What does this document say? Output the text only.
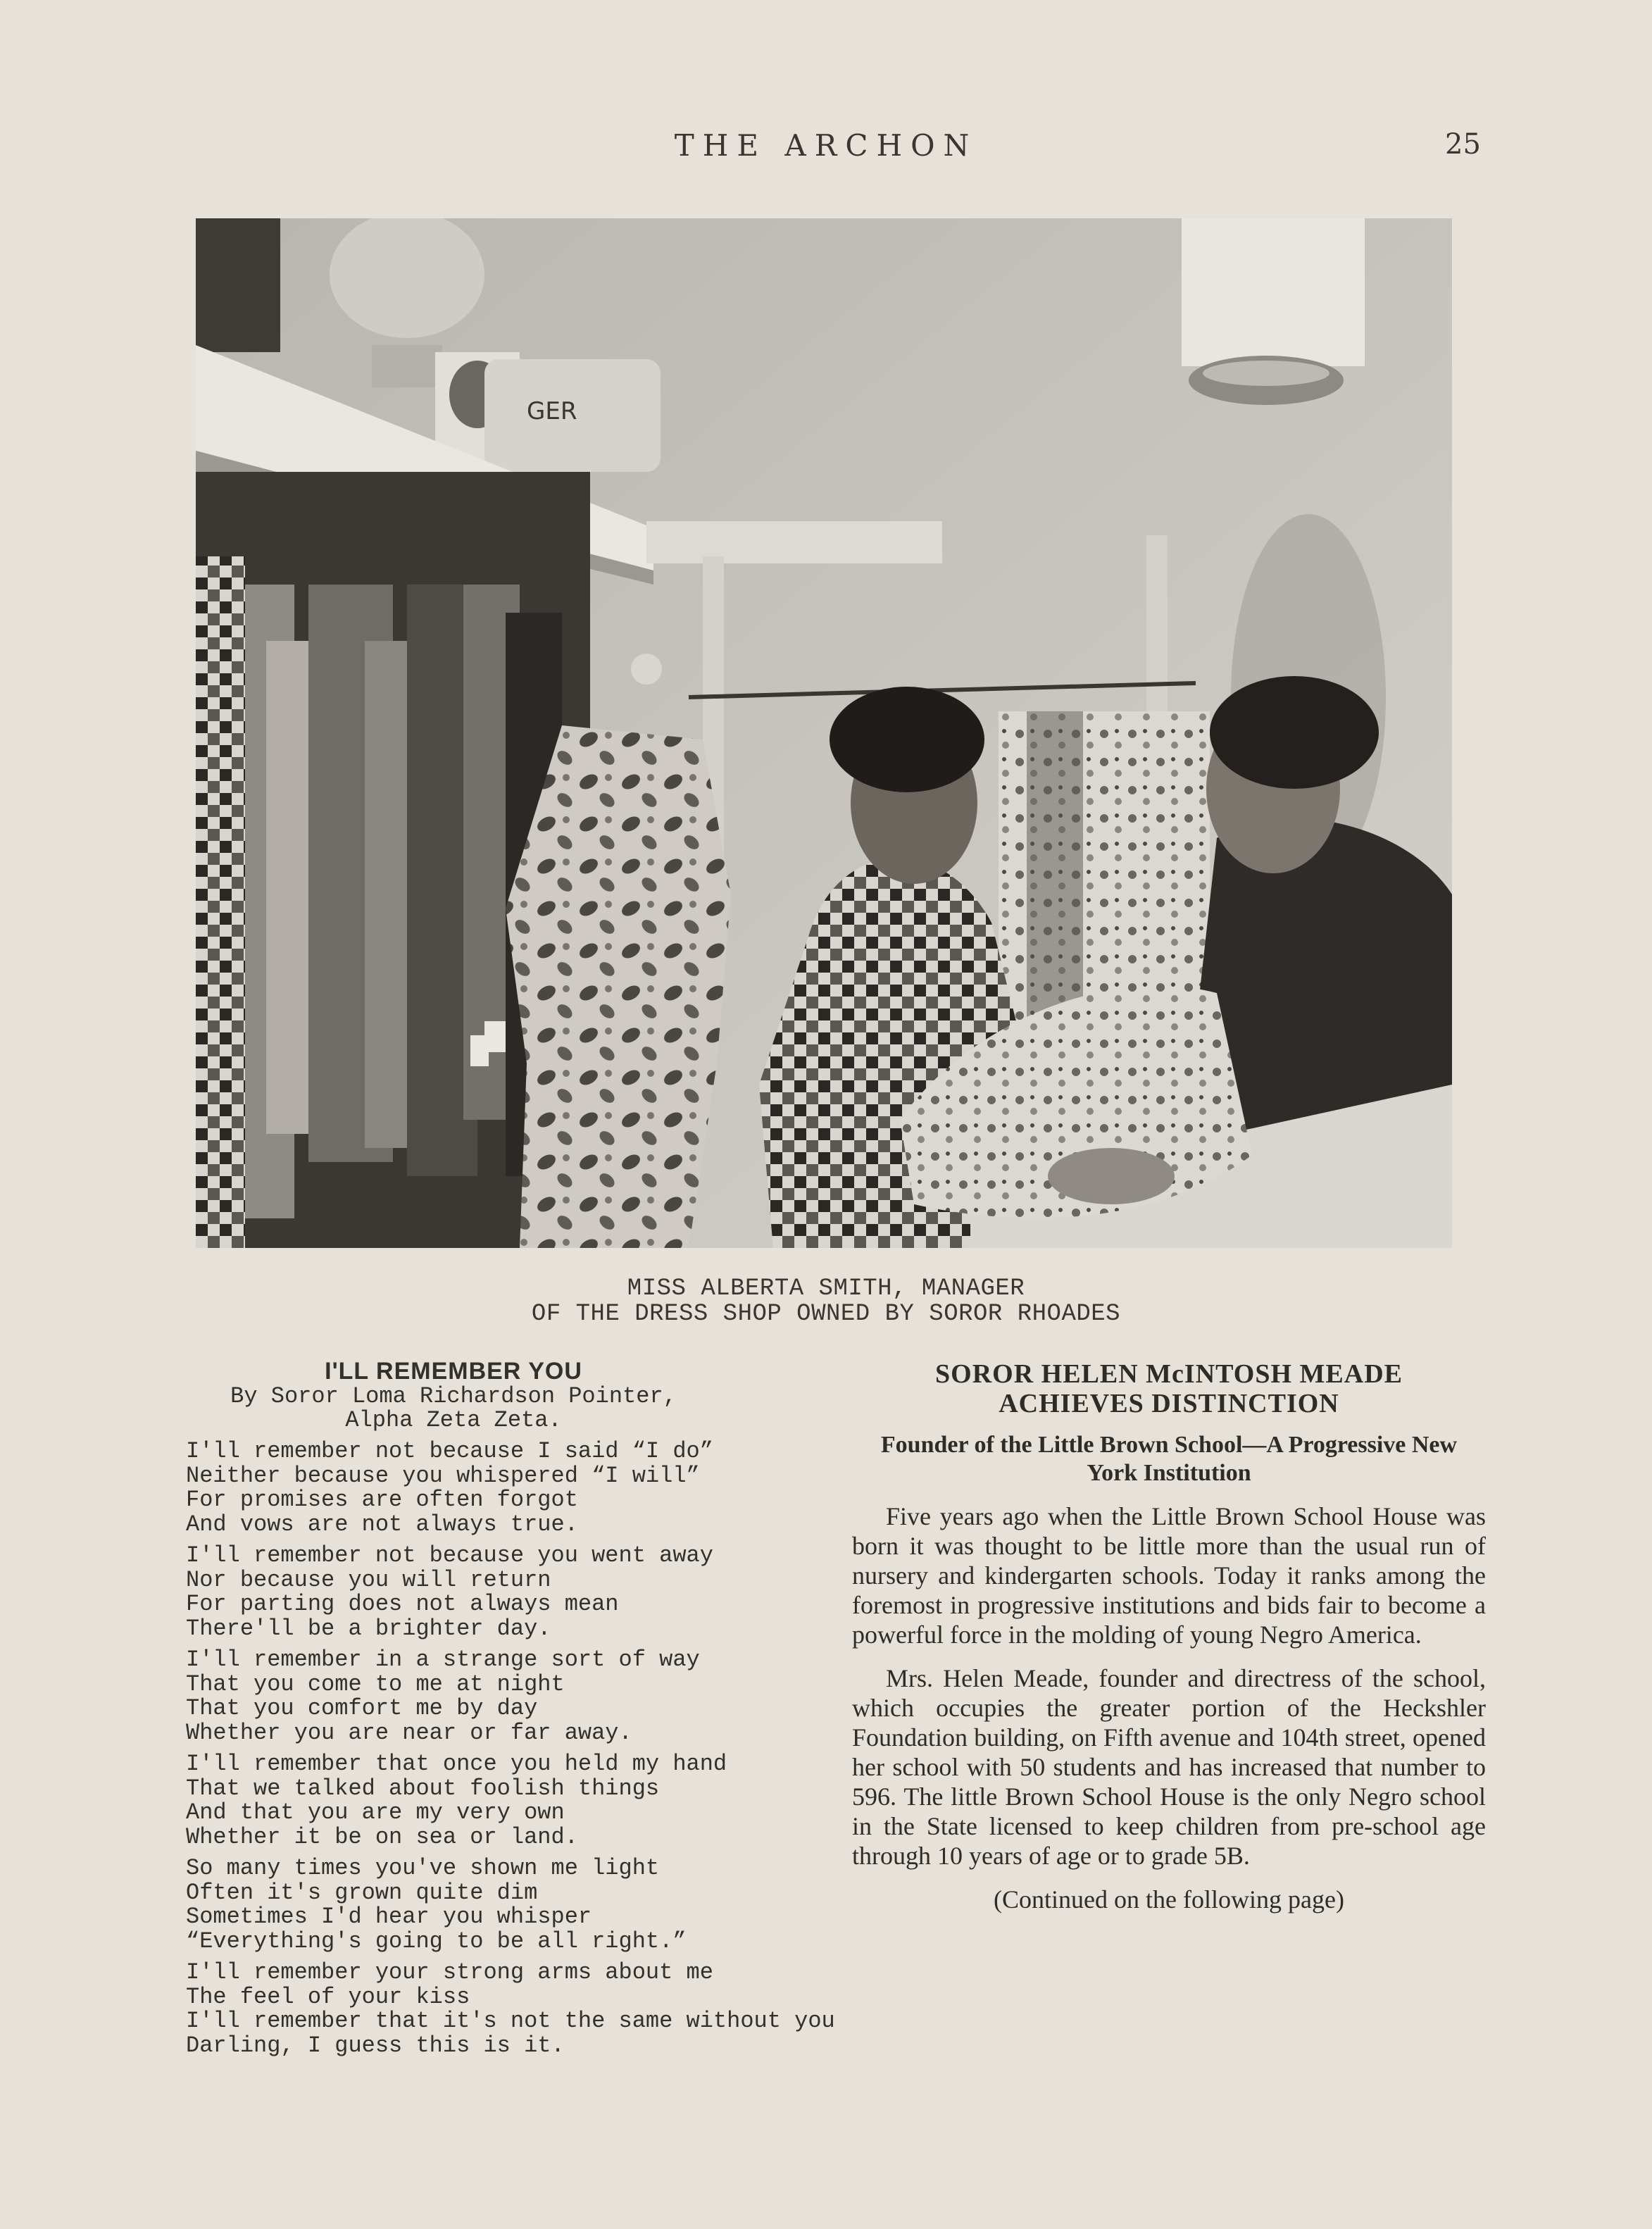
THE ARCHON	25
GER
MISS ALBERTA SMITH, MANAGER
OF THE DRESS SHOP OWNED BY SOROR RHOADES
I'LL REMEMBER YOU
By Soror Loma Richardson Pointer,
Alpha Zeta Zeta.
I'll remember not because I said “I do”
Neither because you whispered “I will”
For promises are often forgot
And vows are not always true.
I'll remember not because you went away
Nor because you will return
For parting does not always mean
There'll be a brighter day.
I'll remember in a strange sort of way
That you come to me at night
That you comfort me by day
Whether you are near or far away.
I'll remember that once you held my hand
That we talked about foolish things
And that you are my very own
Whether it be on sea or land.
So many times you've shown me light
Often it's grown quite dim
Sometimes I'd hear you whisper
“Everything's going to be all right.”
I'll remember your strong arms about me
The feel of your kiss
I'll remember that it's not the same without you
Darling, I guess this is it.
SOROR HELEN McINTOSH MEADE
ACHIEVES DISTINCTION
Founder of the Little Brown School—A Progressive New York Institution
Five years ago when the Little Brown School House was born it was thought to be little more than the usual run of nursery and kindergarten schools. Today it ranks among the foremost in progressive institutions and bids fair to become a powerful force in the molding of young Negro America.
Mrs. Helen Meade, founder and directress of the school, which occupies the greater portion of the Heckshler Foundation building, on Fifth avenue and 104th street, opened her school with 50 students and has increased that number to 596. The little Brown School House is the only Negro school in the State licensed to keep children from pre-school age through 10 years of age or to grade 5B.
(Continued on the following page)
